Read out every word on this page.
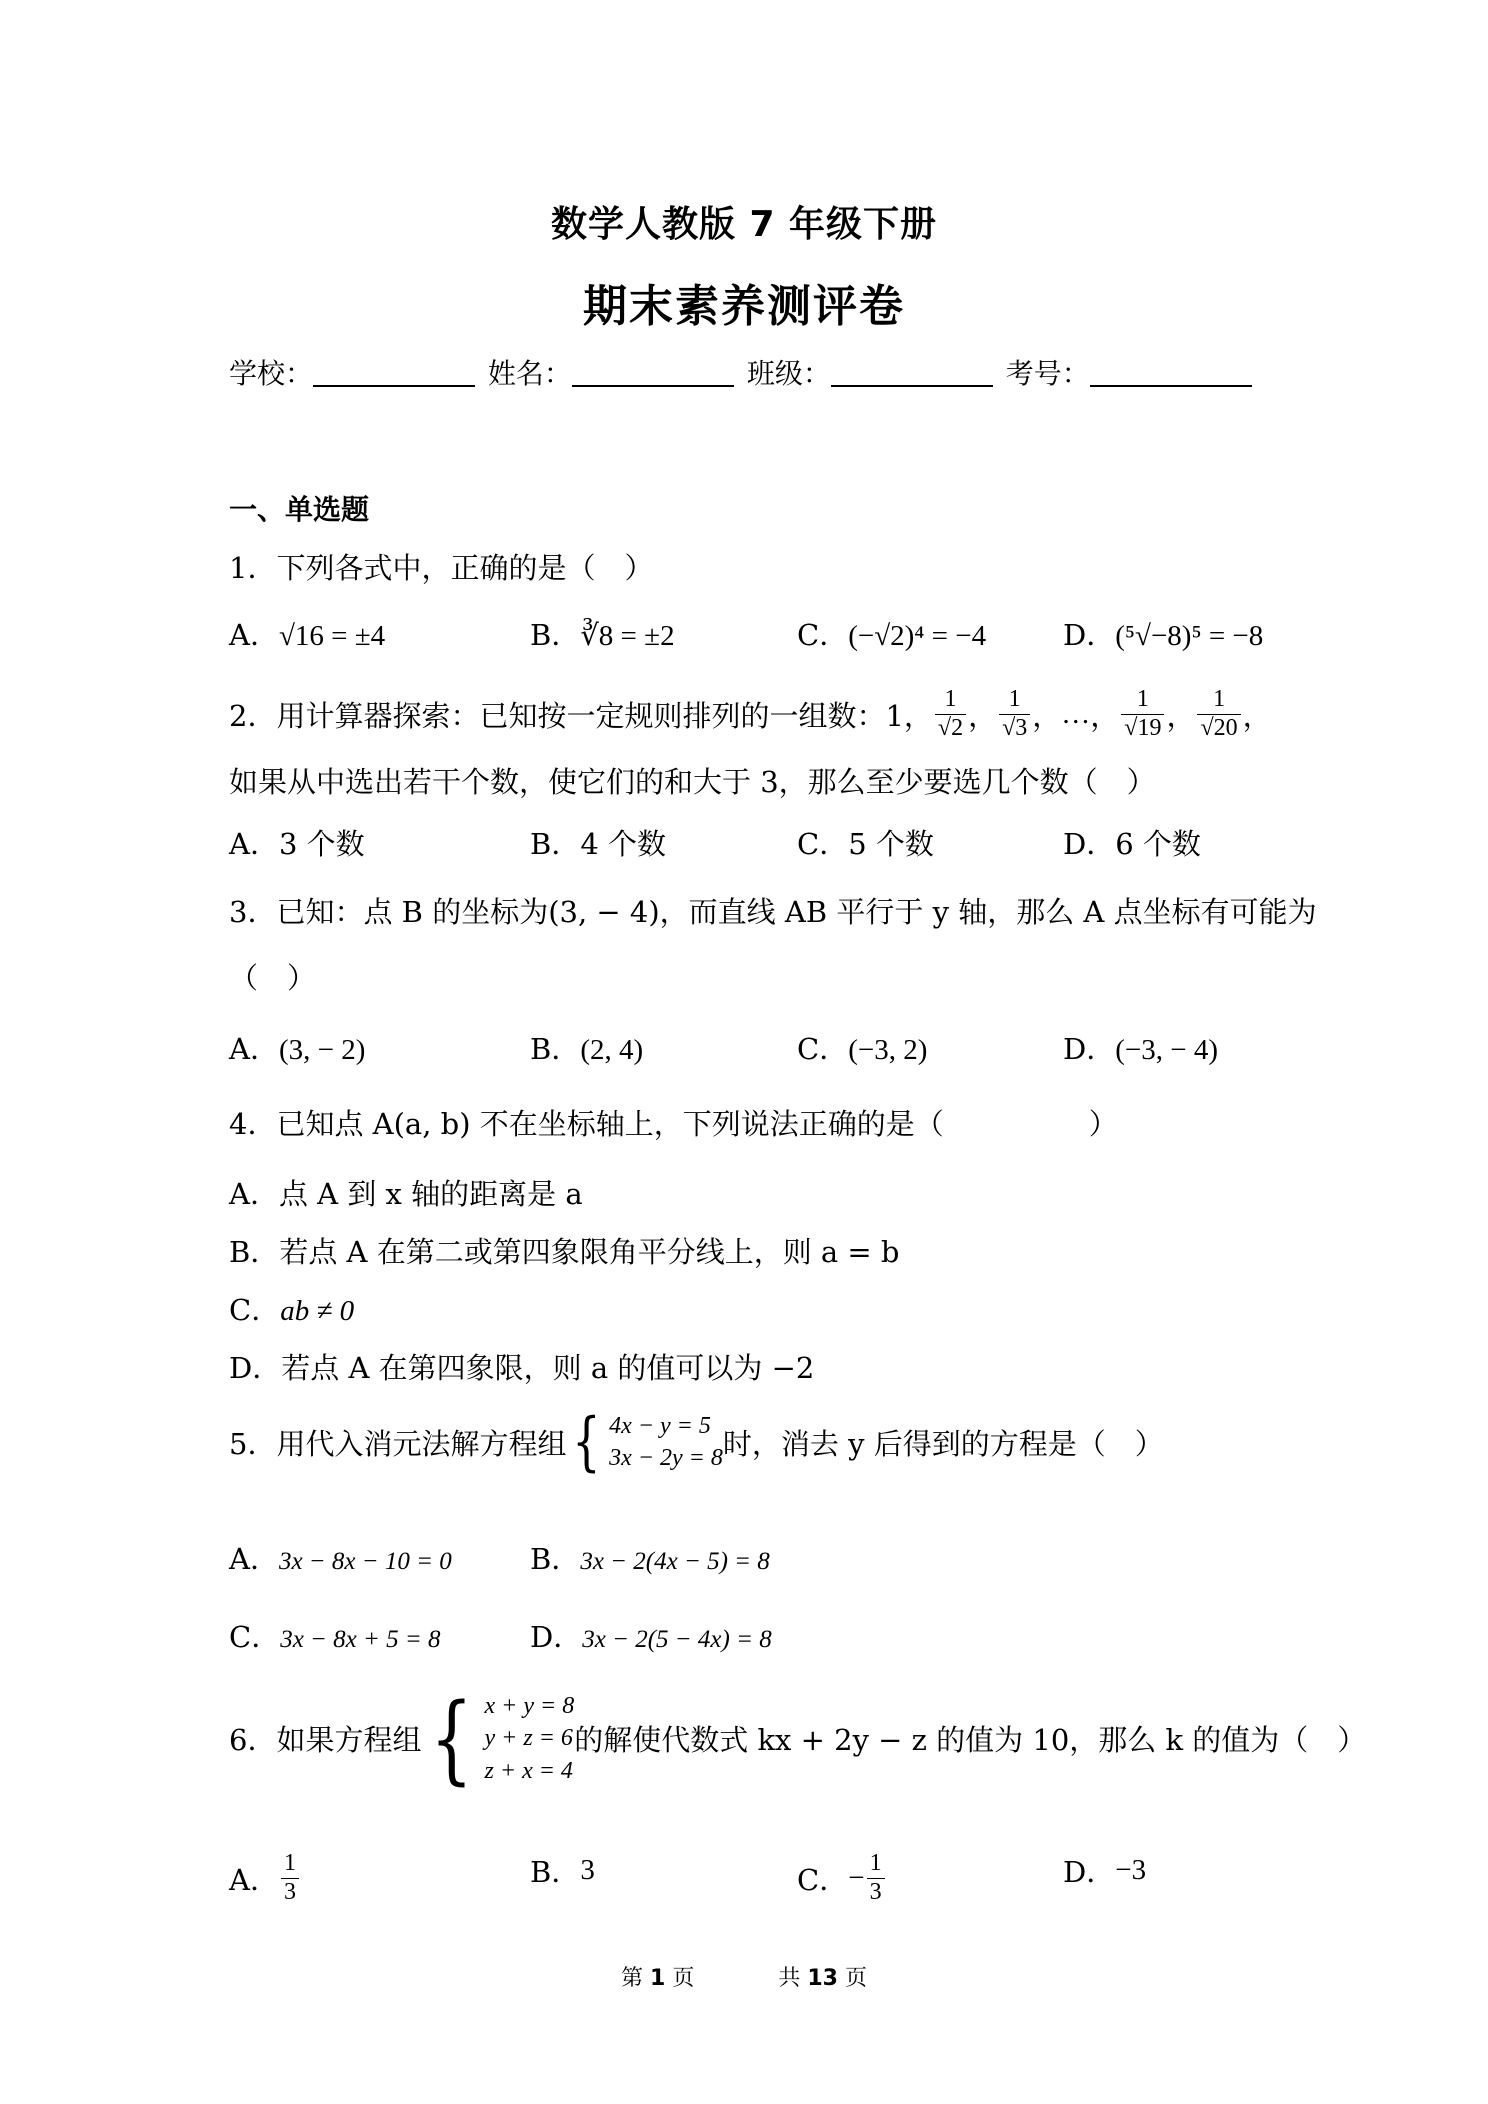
数学人教版 7 年级下册
期末素养测评卷
学校：	姓名：	班级：	考号：
一、单选题
1．下列各式中，正确的是（　）
A．√16 = ±4	B．∛8 = ±2	C．(−√2)⁴ = −4	D．(⁵√−8)⁵ = −8
2．用计算器探索：已知按一定规则排列的一组数：1， $\frac{1}{√2}$ ， $\frac{1}{√3}$ ， … ， $\frac{1}{√19}$ ， $\frac{1}{√20}$ ，
如果从中选出若干个数，使它们的和大于 3，那么至少要选几个数（　）
A．3 个数	B．4 个数	C．5 个数	D．6 个数
3．已知：点 B 的坐标为(3, − 4)，而直线 AB 平行于 y 轴，那么 A 点坐标有可能为
（　）
A．(3, − 2)	B．(2, 4)	C．(−3, 2)	D．(−3, − 4)
4．已知点 A(a, b) 不在坐标轴上，下列说法正确的是（　　　　　）
A．点 A 到 x 轴的距离是 a
B．若点 A 在第二或第四象限角平分线上，则 a = b
C．ab ≠ 0
D．若点 A 在第四象限，则 a 的值可以为 −2
5．用代入消元法解方程组 { 4x − y = 5
3x − 2y = 8 时，消去 y 后得到的方程是（　）
A．3x − 8x − 10 = 0	B．3x − 2(4x − 5) = 8
C．3x − 8x + 5 = 8	D．3x − 2(5 − 4x) = 8
6．如果方程组 { x + y = 8
y + z = 6
z + x = 4
的解使代数式 kx + 2y − z 的值为 10，那么 k 的值为（　）
A． $\frac{1}{3}$	B． 3	C． − $\frac{1}{3}$	D． −3
第 1 页	共 13 页
